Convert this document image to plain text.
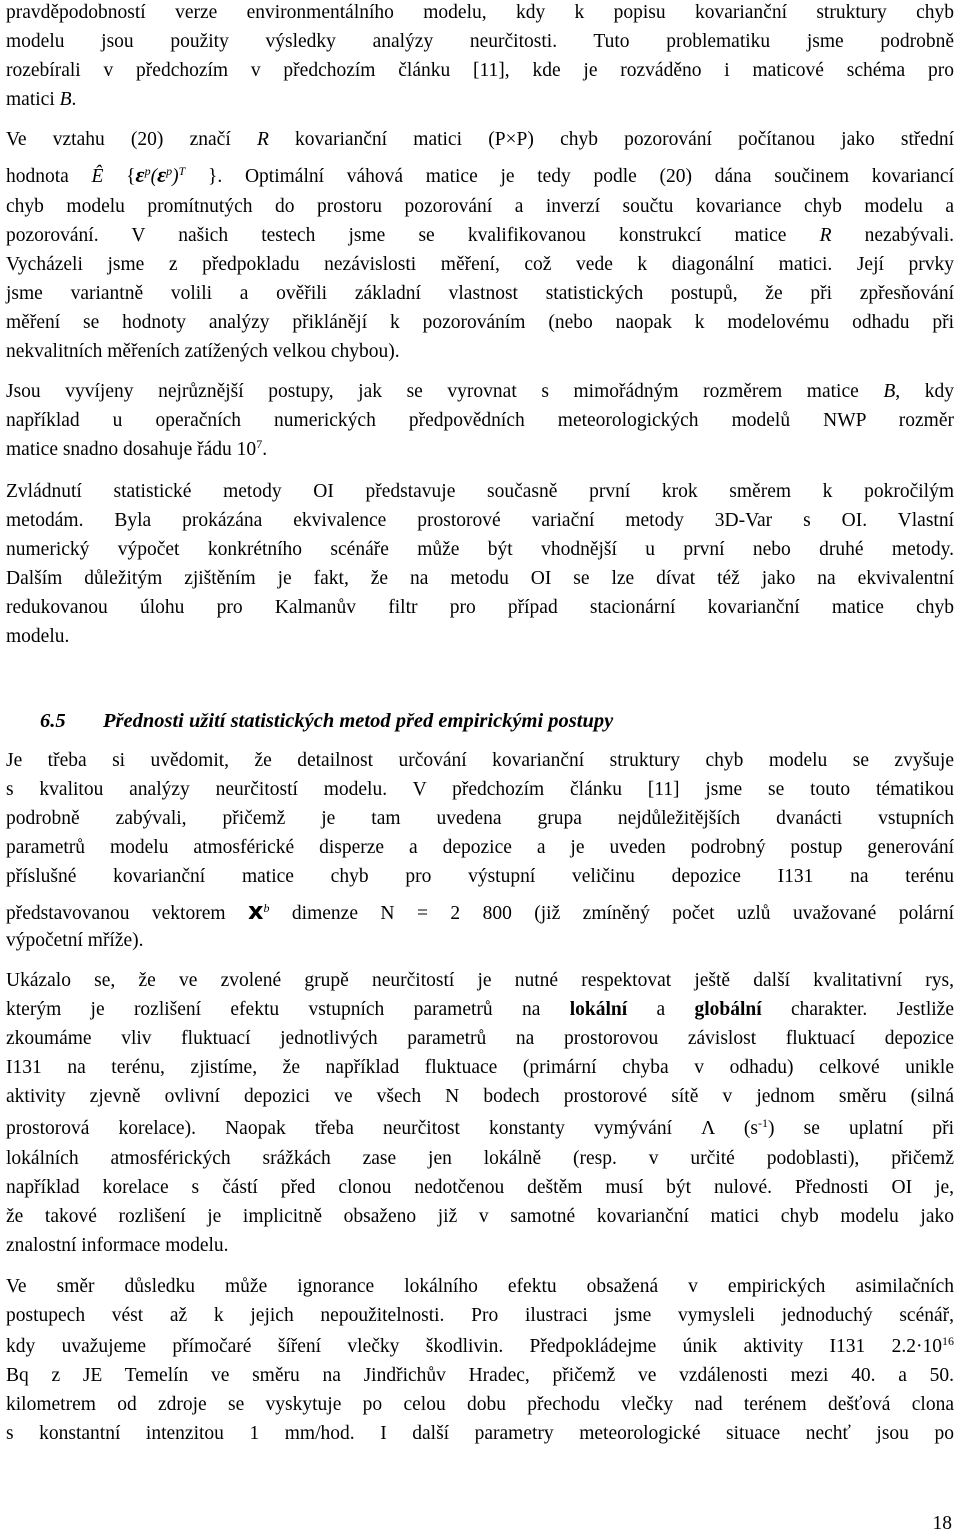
pravděpodobností verze environmentálního modelu, kdy k popisu kovarianční struktury chyb
modelu jsou použity výsledky analýzy neurčitosti. Tuto problematiku jsme podrobně
rozebírali v předchozím v předchozím článku [11], kde je rozváděno i maticové schéma pro
matici B.
Ve vztahu (20) značí R kovarianční matici (P×P) chyb pozorování počítanou jako střední
hodnota Ê {$\varepsilon^p(\varepsilon^p)^T$ }. Optimální váhová matice je tedy podle (20) dána součinem kovariancí
chyb modelu promítnutých do prostoru pozorování a inverzí součtu kovariance chyb modelu a
pozorování. V našich testech jsme se kvalifikovanou konstrukcí matice R nezabývali.
Vycházeli jsme z předpokladu nezávislosti měření, což vede k diagonální matici. Její prvky
jsme variantně volili a ověřili základní vlastnost statistických postupů, že při zpřesňování
měření se hodnoty analýzy přiklánějí k pozorováním (nebo naopak k modelovému odhadu při
nekvalitních měřeních zatížených velkou chybou).
Jsou vyvíjeny nejrůznější postupy, jak se vyrovnat s mimořádným rozměrem matice B, kdy
například u operačních numerických předpovědních meteorologických modelů NWP rozměr
matice snadno dosahuje řádu $10^7$.
Zvládnutí statistické metody OI představuje současně první krok směrem k pokročilým
metodám. Byla prokázána ekvivalence prostorové variační metody 3D-Var s OI. Vlastní
numerický výpočet konkrétního scénáře může být vhodnější u první nebo druhé metody.
Dalším důležitým zjištěním je fakt, že na metodu OI se lze dívat též jako na ekvivalentní
redukovanou úlohu pro Kalmanův filtr pro případ stacionární kovarianční matice chyb
modelu.
6.5 Přednosti užití statistických metod před empirickými postupy
Je třeba si uvědomit, že detailnost určování kovarianční struktury chyb modelu se zvyšuje
s kvalitou analýzy neurčitostí modelu. V předchozím článku [11] jsme se touto tématikou
podrobně zabývali, přičemž je tam uvedena grupa nejdůležitějších dvanácti vstupních
parametrů modelu atmosférické disperze a depozice a je uveden podrobný postup generování
příslušné kovarianční matice chyb pro výstupní veličinu depozice I131 na terénu
představovanou vektorem $x^b$ dimenze N = 2 800 (již zmíněný počet uzlů uvažované polární
výpočetní mříže).
Ukázalo se, že ve zvolené grupě neurčitostí je nutné respektovat ještě další kvalitativní rys,
kterým je rozlišení efektu vstupních parametrů na lokální a globální charakter. Jestliže
zkoumáme vliv fluktuací jednotlivých parametrů na prostorovou závislost fluktuací depozice
I131 na terénu, zjistíme, že například fluktuace (primární chyba v odhadu) celkové unikle
aktivity zjevně ovlivní depozici ve všech N bodech prostorové sítě v jednom směru (silná
prostorová korelace). Naopak třeba neurčitost konstanty vymývání Λ $(s^{-1})$ se uplatní při
lokálních atmosférických srážkách zase jen lokálně (resp. v určité podoblasti), přičemž
například korelace s částí před clonou nedotčenou deštěm musí být nulové. Přednosti OI je,
že takové rozlišení je implicitně obsaženo již v samotné kovarianční matici chyb modelu jako
znalostní informace modelu.
Ve směr důsledku může ignorance lokálního efektu obsažená v empirických asimilačních
postupech vést až k jejich nepoužitelnosti. Pro ilustraci jsme vymysleli jednoduchý scénář,
kdy uvažujeme přímočaré šíření vlečky škodlivin. Předpokládejme únik aktivity I131 $2.2\cdot 10^{16}$
Bq z JE Temelín ve směru na Jindřichův Hradec, přičemž ve vzdálenosti mezi 40. a 50.
kilometrem od zdroje se vyskytuje po celou dobu přechodu vlečky nad terénem dešťová clona
s konstantní intenzitou 1 mm/hod. I další parametry meteorologické situace nechť jsou po
18
